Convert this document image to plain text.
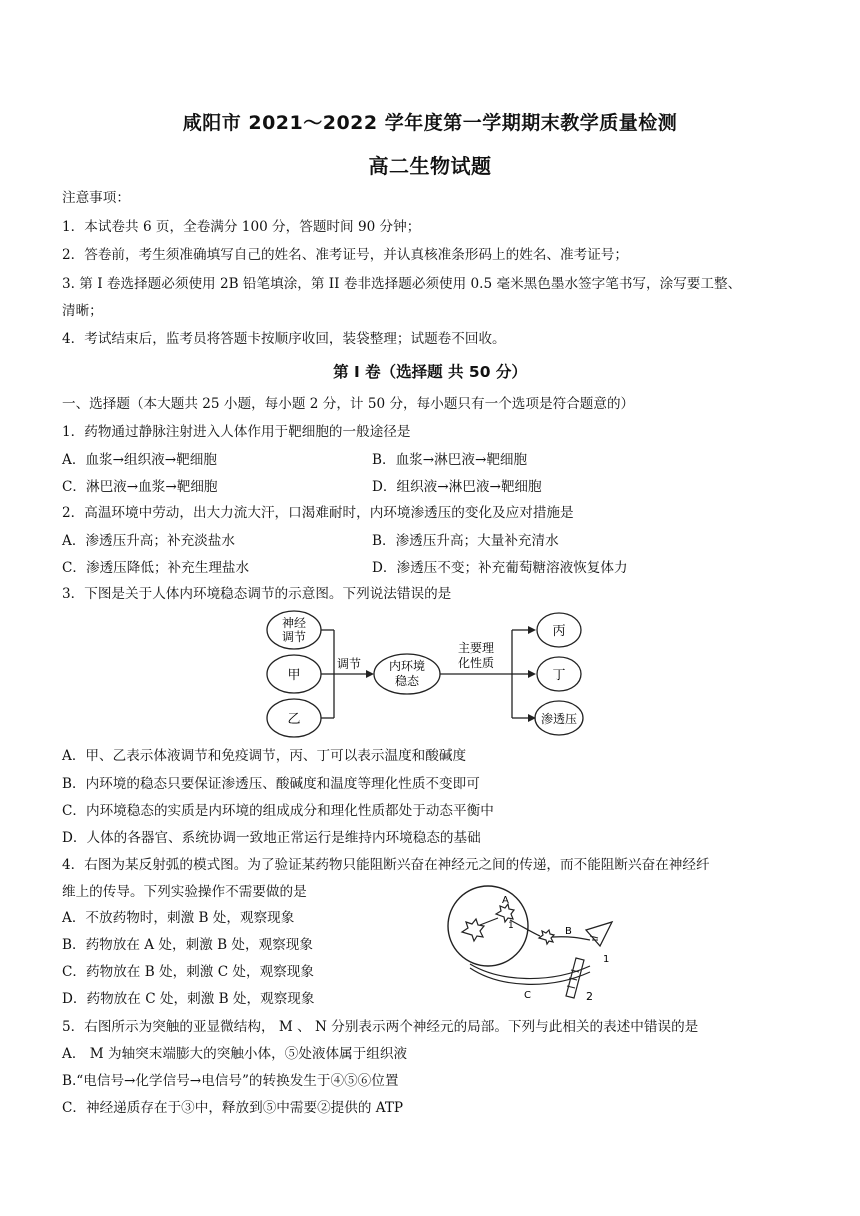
咸阳市 2021～2022 学年度第一学期期末教学质量检测
高二生物试题
注意事项：
1．本试卷共 6 页，全卷满分 100 分，答题时间 90 分钟；
2．答卷前，考生须准确填写自己的姓名、准考证号，并认真核准条形码上的姓名、准考证号；
3. 第 I 卷选择题必须使用 2B 铅笔填涂，第 II 卷非选择题必须使用 0.5 毫米黑色墨水签字笔书写，涂写要工整、
清晰；
4．考试结束后，监考员将答题卡按顺序收回，装袋整理；试题卷不回收。
第 I 卷（选择题 共 50 分）
一、选择题（本大题共 25 小题，每小题 2 分，计 50 分，每小题只有一个选项是符合题意的）
1．药物通过静脉注射进入人体作用于靶细胞的一般途径是
A．血浆→组织液→靶细胞	B．血浆→淋巴液→靶细胞
C．淋巴液→血浆→靶细胞	D．组织液→淋巴液→靶细胞
2．高温环境中劳动，出大力流大汗，口渴难耐时，内环境渗透压的变化及应对措施是
A．渗透压升高；补充淡盐水	B．渗透压升高；大量补充清水
C．渗透压降低；补充生理盐水	D．渗透压不变；补充葡萄糖溶液恢复体力
3．下图是关于人体内环境稳态调节的示意图。下列说法错误的是
神经
调节
甲
乙
调节 内环境
稳态
主要理
化性质
丙
丁
渗透压
A．甲、乙表示体液调节和免疫调节，丙、丁可以表示温度和酸碱度
B．内环境的稳态只要保证渗透压、酸碱度和温度等理化性质不变即可
C．内环境稳态的实质是内环境的组成成分和理化性质都处于动态平衡中
D．人体的各器官、系统协调一致地正常运行是维持内环境稳态的基础
4．右图为某反射弧的模式图。为了验证某药物只能阻断兴奋在神经元之间的传递，而不能阻断兴奋在神经纤
维上的传导。下列实验操作不需要做的是
A．不放药物时，刺激 B 处，观察现象
B．药物放在 A 处，刺激 B 处，观察现象
C．药物放在 B 处，刺激 C 处，观察现象
D．药物放在 C 处，刺激 B 处，观察现象
A
1	B
1
C	2
5．右图所示为突触的亚显微结构， M 、 N 分别表示两个神经元的局部。下列与此相关的表述中错误的是
A． M 为轴突末端膨大的突触小体，⑤处液体属于组织液
B.“电信号→化学信号→电信号”的转换发生于④⑤⑥位置
C．神经递质存在于③中，释放到⑤中需要②提供的 ATP
